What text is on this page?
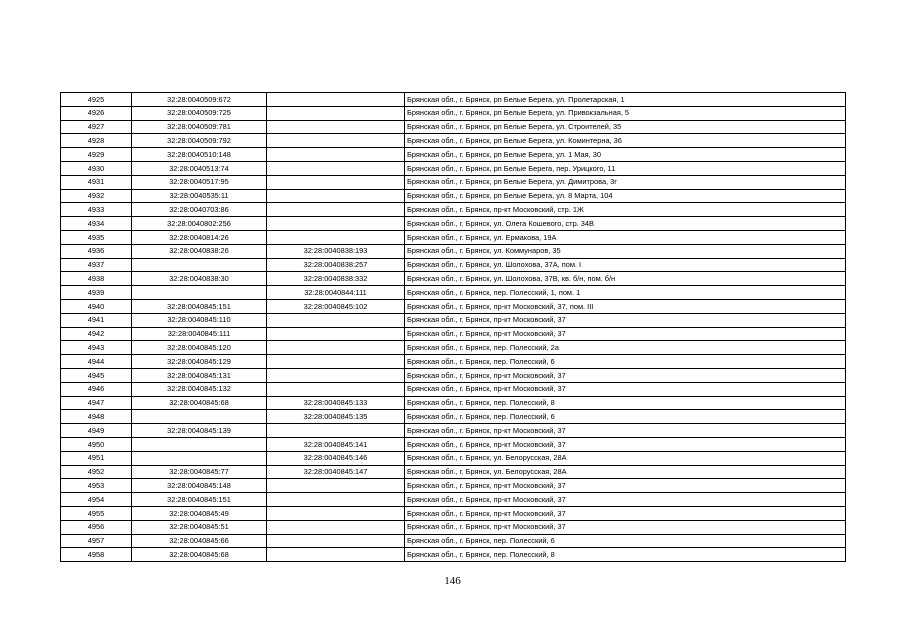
4925	32:28:0040509:672		Брянская обл., г. Брянск, рп Белые Берега, ул. Пролетарская, 1
4926	32:28:0040509:725		Брянская обл., г. Брянск, рп Белые Берега, ул. Привокзальная, 5
4927	32:28:0040509:781		Брянская обл., г. Брянск, рп Белые Берега, ул. Строителей, 35
4928	32:28:0040509:792		Брянская обл., г. Брянск, рп Белые Берега, ул. Коминтерна, 36
4929	32:28:0040510:148		Брянская обл., г. Брянск, рп Белые Берега, ул. 1 Мая, 30
4930	32:28:0040513:74		Брянская обл., г. Брянск, рп Белые Берега, пер. Урицкого, 11
4931	32:28:0040517:95		Брянская обл., г. Брянск, рп Белые Берега, ул. Димитрова, 3г
4932	32:28:0040535:11		Брянская обл., г. Брянск, рп Белые Берега, ул. 8 Марта, 104
4933	32:28:0040703:86		Брянская обл., г. Брянск, пр-кт Московский, стр. 1Ж
4934	32:28:0040802:256		Брянская обл., г. Брянск, ул. Олега Кошевого, стр. 34В
4935	32:28:0040814:26		Брянская обл., г. Брянск, ул. Ермакова, 19А
4936	32:28:0040838:26	32:28:0040838:193	Брянская обл., г. Брянск, ул. Коммунаров, 35
4937		32:28:0040838:257	Брянская обл., г. Брянск, ул. Шолохова, 37А, пом. I
4938	32:28:0040838:30	32:28:0040838:332	Брянская обл., г. Брянск, ул. Шолохова, 37В, кв. б/н, пом. б/н
4939		32:28:0040844:111	Брянская обл., г. Брянск, пер. Полесский, 1, пом. 1
4940	32:28:0040845:151	32:28:0040845:102	Брянская обл., г. Брянск, пр-кт Московский, 37, пом. III
4941	32:28:0040845:110		Брянская обл., г. Брянск, пр-кт Московский, 37
4942	32:28:0040845:111		Брянская обл., г. Брянск, пр-кт Московский, 37
4943	32:28:0040845:120		Брянская обл., г. Брянск, пер. Полесский, 2а
4944	32:28:0040845:129		Брянская обл., г. Брянск, пер. Полесский, 6
4945	32:28:0040845:131		Брянская обл., г. Брянск, пр-кт Московский, 37
4946	32:28:0040845:132		Брянская обл., г. Брянск, пр-кт Московский, 37
4947	32:28:0040845:68	32:28:0040845:133	Брянская обл., г. Брянск, пер. Полесский, 8
4948		32:28:0040845:135	Брянская обл., г. Брянск, пер. Полесский, 6
4949	32:28:0040845:139		Брянская обл., г. Брянск, пр-кт Московский, 37
4950		32:28:0040845:141	Брянская обл., г. Брянск, пр-кт Московский, 37
4951		32:28:0040845:146	Брянская обл., г. Брянск, ул. Белорусская, 28А
4952	32:28:0040845:77	32:28:0040845:147	Брянская обл., г. Брянск, ул. Белорусская, 28А
4953	32:28:0040845:148		Брянская обл., г. Брянск, пр-кт Московский, 37
4954	32:28:0040845:151		Брянская обл., г. Брянск, пр-кт Московский, 37
4955	32:28:0040845:49		Брянская обл., г. Брянск, пр-кт Московский, 37
4956	32:28:0040845:51		Брянская обл., г. Брянск, пр-кт Московский, 37
4957	32:28:0040845:66		Брянская обл., г. Брянск, пер. Полесский, 6
4958	32:28:0040845:68		Брянская обл., г. Брянск, пер. Полесский, 8
146
